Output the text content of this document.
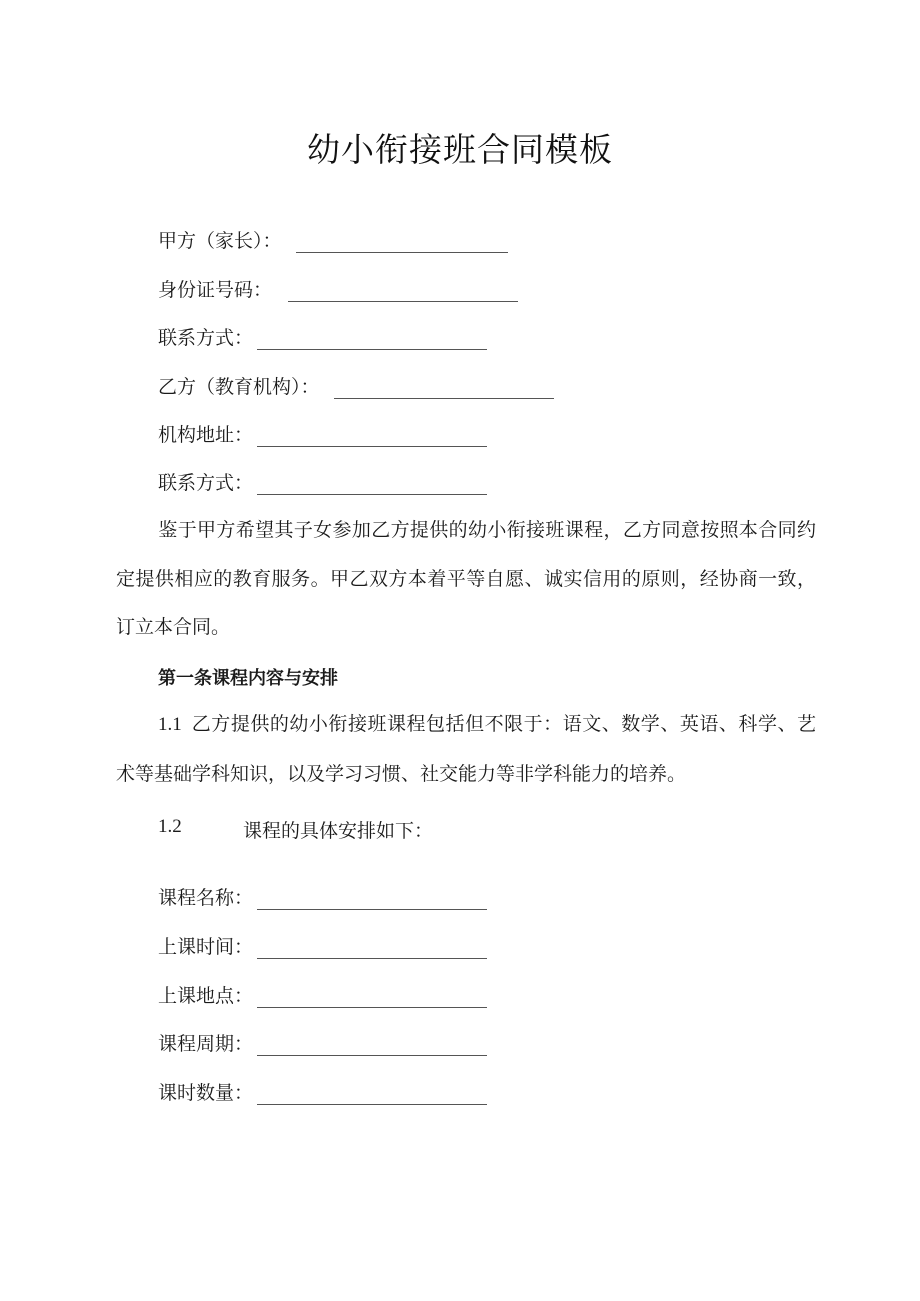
幼小衔接班合同模板
甲方（家长）：
身份证号码：
联系方式：
乙方（教育机构）：
机构地址：
联系方式：

鉴于甲方希望其子女参加乙方提供的幼小衔接班课程，乙方同意按照本合同约定提供相应的教育服务。甲乙双方本着平等自愿、诚实信用的原则，经协商一致，订立本合同。

第一条课程内容与安排

1.1  乙方提供的幼小衔接班课程包括但不限于：语文、数学、英语、科学、艺术等基础学科知识，以及学习习惯、社交能力等非学科能力的培养。

1.2	课程的具体安排如下：
课程名称：
上课时间：
上课地点：
课程周期：
课时数量：
